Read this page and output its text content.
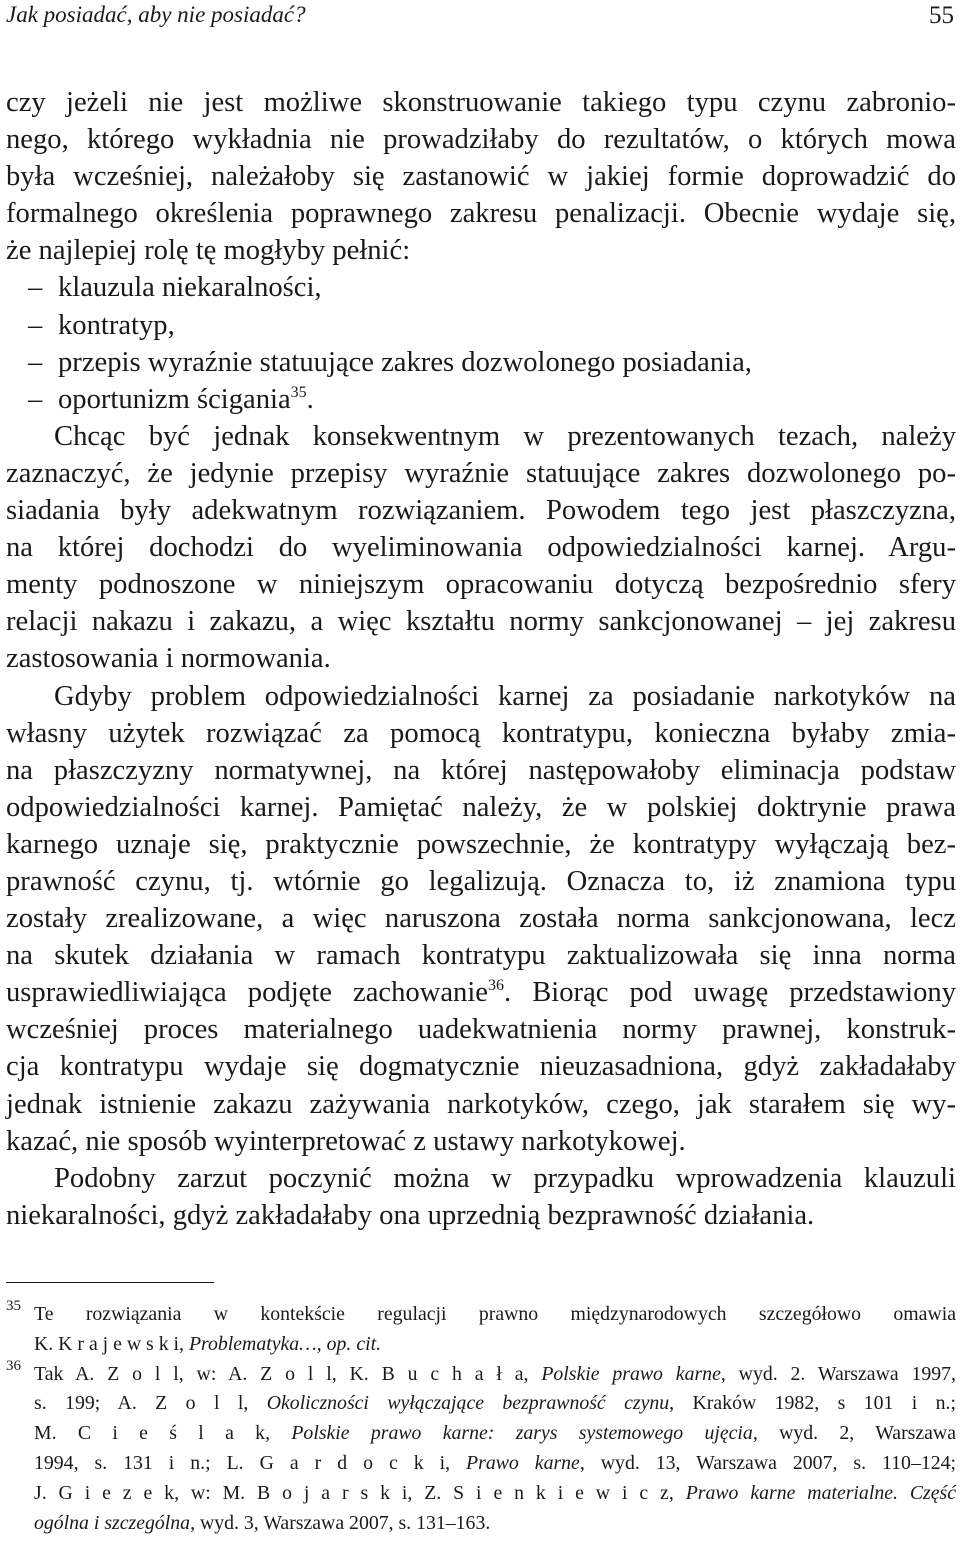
Jak posiadać, aby nie posiadać?	55
czy jeżeli nie jest możliwe skonstruowanie takiego typu czynu zabronio-
nego, którego wykładnia nie prowadziłaby do rezultatów, o których mowa
była wcześniej, należałoby się zastanowić w jakiej formie doprowadzić do
formalnego określenia poprawnego zakresu penalizacji. Obecnie wydaje się,
że najlepiej rolę tę mogłyby pełnić:
– klauzula niekaralności,
– kontratyp,
– przepis wyraźnie statuujące zakres dozwolonego posiadania,
– oportunizm ścigania$^{35}$.
Chcąc być jednak konsekwentnym w prezentowanych tezach, należy
zaznaczyć, że jedynie przepisy wyraźnie statuujące zakres dozwolonego po-
siadania były adekwatnym rozwiązaniem. Powodem tego jest płaszczyzna,
na której dochodzi do wyeliminowania odpowiedzialności karnej. Argu-
menty podnoszone w niniejszym opracowaniu dotyczą bezpośrednio sfery
relacji nakazu i zakazu, a więc kształtu normy sankcjonowanej – jej zakresu
zastosowania i normowania.
Gdyby problem odpowiedzialności karnej za posiadanie narkotyków na
własny użytek rozwiązać za pomocą kontratypu, konieczna byłaby zmia-
na płaszczyzny normatywnej, na której następowałoby eliminacja podstaw
odpowiedzialności karnej. Pamiętać należy, że w polskiej doktrynie prawa
karnego uznaje się, praktycznie powszechnie, że kontratypy wyłączają bez-
prawność czynu, tj. wtórnie go legalizują. Oznacza to, iż znamiona typu
zostały zrealizowane, a więc naruszona została norma sankcjonowana, lecz
na skutek działania w ramach kontratypu zaktualizowała się inna norma
usprawiedliwiająca podjęte zachowanie$^{36}$. Biorąc pod uwagę przedstawiony
wcześniej proces materialnego uadekwatnienia normy prawnej, konstruk-
cja kontratypu wydaje się dogmatycznie nieuzasadniona, gdyż zakładałaby
jednak istnienie zakazu zażywania narkotyków, czego, jak starałem się wy-
kazać, nie sposób wyinterpretować z ustawy narkotykowej.
Podobny zarzut poczynić można w przypadku wprowadzenia klauzuli
niekaralności, gdyż zakładałaby ona uprzednią bezprawność działania.
35 Te rozwiązania w kontekście regulacji prawno międzynarodowych szczegółowo omawia
K. K r a j e w s k i, Problematyka…, op. cit.
36 Tak A. Z o l l, w: A. Z o l l, K. B u c h a ł a, Polskie prawo karne, wyd. 2. Warszawa 1997,
s. 199; A. Z o l l, Okoliczności wyłączające bezprawność czynu, Kraków 1982, s 101 i n.;
M. C i e ś l a k, Polskie prawo karne: zarys systemowego ujęcia, wyd. 2, Warszawa
1994, s. 131 i n.; L. G a r d o c k i, Prawo karne, wyd. 13, Warszawa 2007, s. 110–124;
J. G i e z e k, w: M. B o j a r s k i, Z. S i e n k i e w i c z, Prawo karne materialne. Część
ogólna i szczególna, wyd. 3, Warszawa 2007, s. 131–163.
